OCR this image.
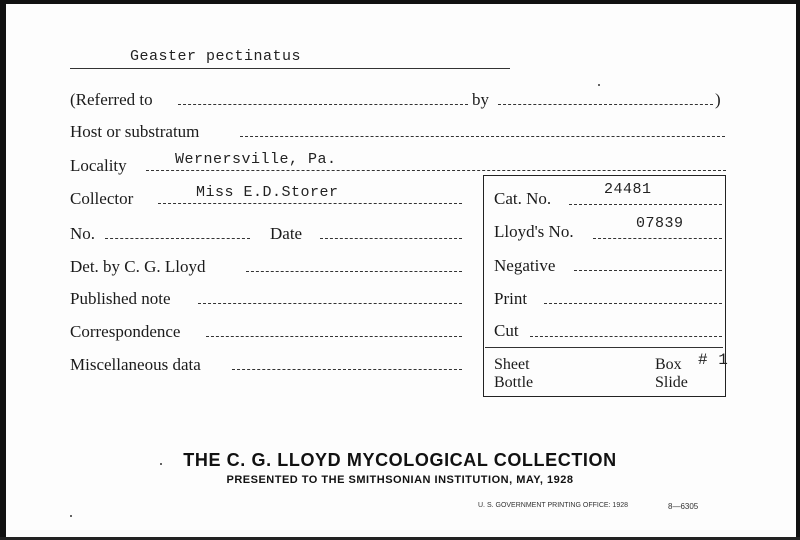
Geaster pectinatus
(Referred to	by	)
Host or substratum
Locality	Wernersville, Pa.
Collector	Miss E.D.Storer
No.	Date
Det. by C. G. Lloyd
Published note
Correspondence
Miscellaneous data
Cat. No.	24481
Lloyd's No.	07839
Negative
Print
Cut
Sheet
Bottle
Box # 1
Slide
THE C. G. LLOYD MYCOLOGICAL COLLECTION
PRESENTED TO THE SMITHSONIAN INSTITUTION, MAY, 1928
U. S. GOVERNMENT PRINTING OFFICE: 1928	8—6305
